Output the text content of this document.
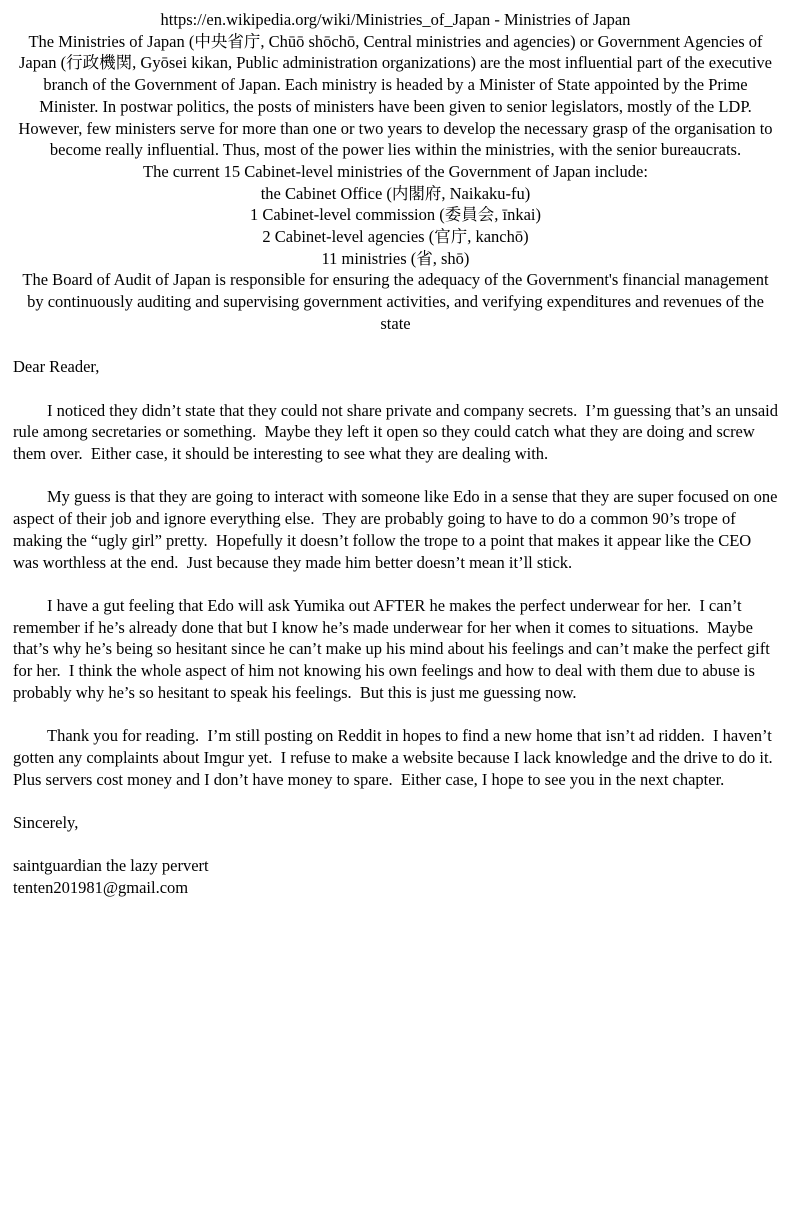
https://en.wikipedia.org/wiki/Ministries_of_Japan - Ministries of Japan
The Ministries of Japan (中央省庁, Chūō shōchō, Central ministries and agencies) or Government Agencies of Japan (行政機関, Gyōsei kikan, Public administration organizations) are the most influential part of the executive branch of the Government of Japan. Each ministry is headed by a Minister of State appointed by the Prime Minister. In postwar politics, the posts of ministers have been given to senior legislators, mostly of the LDP. However, few ministers serve for more than one or two years to develop the necessary grasp of the organisation to become really influential. Thus, most of the power lies within the ministries, with the senior bureaucrats.
The current 15 Cabinet-level ministries of the Government of Japan include:
the Cabinet Office (内閣府, Naikaku-fu)
1 Cabinet-level commission (委員会, īnkai)
2 Cabinet-level agencies (官庁, kanchō)
11 ministries (省, shō)
The Board of Audit of Japan is responsible for ensuring the adequacy of the Government's financial management by continuously auditing and supervising government activities, and verifying expenditures and revenues of the state

Dear Reader,

I noticed they didn’t state that they could not share private and company secrets.  I’m guessing that’s an unsaid rule among secretaries or something.  Maybe they left it open so they could catch what they are doing and screw them over.  Either case, it should be interesting to see what they are dealing with.

My guess is that they are going to interact with someone like Edo in a sense that they are super focused on one aspect of their job and ignore everything else.  They are probably going to have to do a common 90’s trope of making the “ugly girl” pretty.  Hopefully it doesn’t follow the trope to a point that makes it appear like the CEO was worthless at the end.  Just because they made him better doesn’t mean it’ll stick.

I have a gut feeling that Edo will ask Yumika out AFTER he makes the perfect underwear for her.  I can’t remember if he’s already done that but I know he’s made underwear for her when it comes to situations.  Maybe that’s why he’s being so hesitant since he can’t make up his mind about his feelings and can’t make the perfect gift for her.  I think the whole aspect of him not knowing his own feelings and how to deal with them due to abuse is probably why he’s so hesitant to speak his feelings.  But this is just me guessing now.

Thank you for reading.  I’m still posting on Reddit in hopes to find a new home that isn’t ad ridden.  I haven’t gotten any complaints about Imgur yet.  I refuse to make a website because I lack knowledge and the drive to do it.  Plus servers cost money and I don’t have money to spare.  Either case, I hope to see you in the next chapter.

Sincerely,

saintguardian the lazy pervert

tenten201981@gmail.com
